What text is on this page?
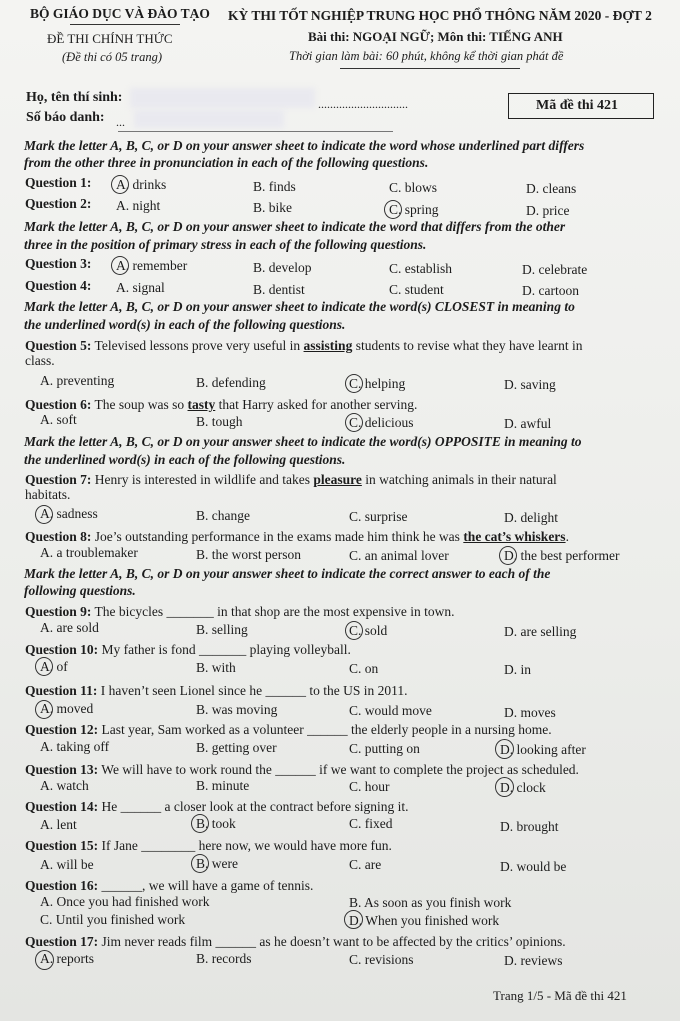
BỘ GIÁO DỤC VÀ ĐÀO TẠO
ĐỀ THI CHÍNH THỨC
(Đề thi có 05 trang)
KỲ THI TỐT NGHIỆP TRUNG HỌC PHỔ THÔNG NĂM 2020 - ĐỢT 2
Bài thi: NGOẠI NGỮ; Môn thi: TIẾNG ANH
Thời gian làm bài: 60 phút, không kể thời gian phát đề
Họ, tên thí sinh:	..............................
Số báo danh: ...
Mã đề thi 421
Mark the letter A, B, C, or D on your answer sheet to indicate the word whose underlined part differs
from the other three in pronunciation in each of the following questions.
Question 1: A. drinks	B. finds	C. blows	D. cleans
Question 2: A. night	B. bike	C. spring	D. price
Mark the letter A, B, C, or D on your answer sheet to indicate the word that differs from the other
three in the position of primary stress in each of the following questions.
Question 3: A. remember	B. develop	C. establish	D. celebrate
Question 4: A. signal	B. dentist	C. student	D. cartoon
Mark the letter A, B, C, or D on your answer sheet to indicate the word(s) CLOSEST in meaning to
the underlined word(s) in each of the following questions.
Question 5: Televised lessons prove very useful in assisting students to revise what they have learnt in
class.
A. preventing	B. defending	C. helping	D. saving
Question 6: The soup was so tasty that Harry asked for another serving.
A. soft	B. tough	C. delicious	D. awful
Mark the letter A, B, C, or D on your answer sheet to indicate the word(s) OPPOSITE in meaning to
the underlined word(s) in each of the following questions.
Question 7: Henry is interested in wildlife and takes pleasure in watching animals in their natural
habitats.
A. sadness	B. change	C. surprise	D. delight
Question 8: Joe’s outstanding performance in the exams made him think he was the cat’s whiskers.
A. a troublemaker	B. the worst person	C. an animal lover	D. the best performer
Mark the letter A, B, C, or D on your answer sheet to indicate the correct answer to each of the
following questions.
Question 9: The bicycles _______ in that shop are the most expensive in town.
A. are sold	B. selling	C. sold	D. are selling
Question 10: My father is fond _______ playing volleyball.
A. of	B. with	C. on	D. in
Question 11: I haven’t seen Lionel since he ______ to the US in 2011.
A. moved	B. was moving	C. would move	D. moves
Question 12: Last year, Sam worked as a volunteer ______ the elderly people in a nursing home.
A. taking off	B. getting over	C. putting on	D. looking after
Question 13: We will have to work round the ______ if we want to complete the project as scheduled.
A. watch	B. minute	C. hour	D. clock
Question 14: He ______ a closer look at the contract before signing it.
A. lent	B. took	C. fixed	D. brought
Question 15: If Jane ________ here now, we would have more fun.
A. will be	B. were	C. are	D. would be
Question 16: ______, we will have a game of tennis.
A. Once you had finished work	B. As soon as you finish work
C. Until you finished work	D. When you finished work
Question 17: Jim never reads film ______ as he doesn’t want to be affected by the critics’ opinions.
A. reports	B. records	C. revisions	D. reviews
Trang 1/5 - Mã đề thi 421
